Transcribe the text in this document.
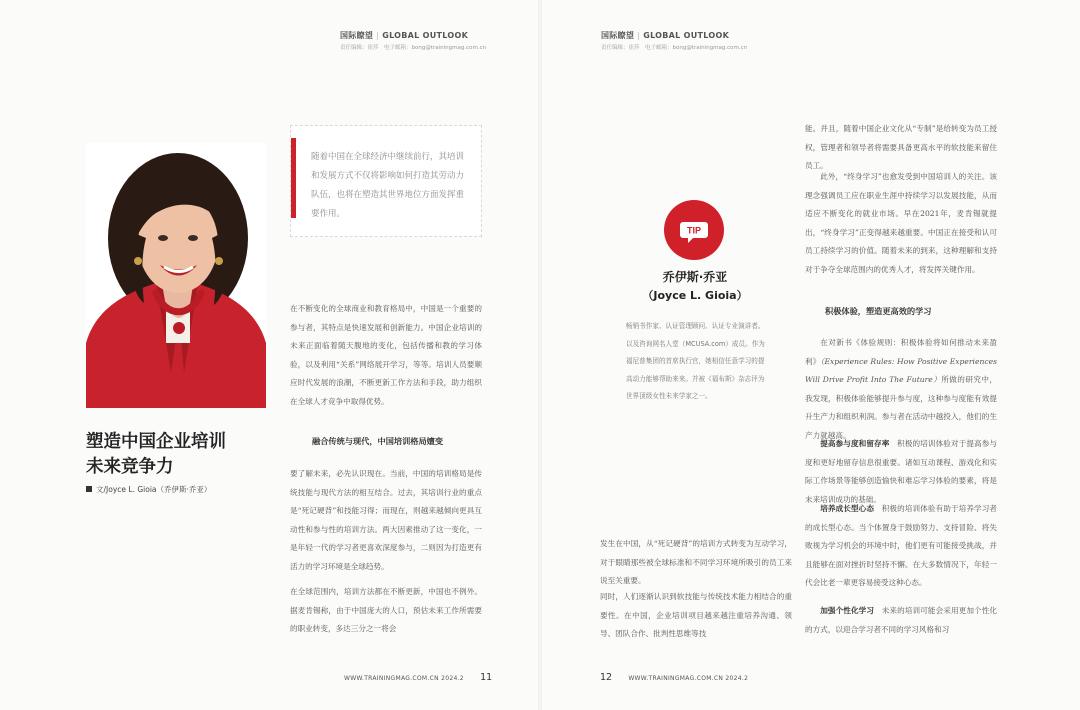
国际瞭望 | GLOBAL OUTLOOK
责任编辑：崔莎　电子邮箱：bong@trainingmag.com.cn
随着中国在全球经济中继续前行，其培训和发展方式不仅将影响如何打造其劳动力队伍，也将在塑造其世界地位方面发挥重要作用。
塑造中国企业培训
未来竞争力
文/Joyce L. Gioia（乔伊斯·乔亚）
在不断变化的全球商业和教育格局中，中国是一个重要的参与者，其特点是快速发展和创新能力。中国企业培训的未来正面临着随天腹地的变化，包括传播和教的学习体验，以及利用“关系”网络展开学习，等等。培训人员要顺应时代发展的浪潮，不断更新工作方法和手段，助力组织在全球人才竞争中取得优势。
融合传统与现代，中国培训格局嬗变
要了解未来，必先认识现在。当前，中国的培训格局是传统技能与现代方法的相互结合。过去，其培训行业的重点是“死记硬背”和技能习得；而现在，则越来越倾向更具互动性和参与性的培训方法。两大因素推动了这一变化，一是年轻一代的学习者更喜欢深度参与，二则因为打造更有活力的学习环境是全球趋势。
在全球范围内，培训方法都在不断更新，中国也不例外。据麦肯锡称，由于中国庞大的人口，预估未来工作所需要的职业转变，多达三分之一将会
WWW.TRAININGMAG.COM.CN 2024.2 11
国际瞭望 | GLOBAL OUTLOOK
责任编辑：崔莎　电子邮箱：bong@trainingmag.com.cn
发生在中国，从“死记硬背”的培训方式转变为互动学习，对于眼睛那些被全球标准和不同学习环境所吸引的员工来说至关重要。
同时，人们逐渐认识到软技能与传统技术能力相结合的重要性。在中国，企业培训项目越来越注重培养沟通、领导、团队合作、批判性思维等技
能。并且，随着中国企业文化从“专制”是给转变为员工授权，管理者和领导者将需要具备更高水平的软技能来留住员工。
此外，“终身学习”也愈发受到中国培训人的关注。该理念强调员工应在职业生涯中持续学习以发展技能，从而适应不断变化的就业市场。早在2021年，麦肯锡就提出，“终身学习”正变得越来越重要。中国正在接受和认可员工持续学习的价值。随着未来的到来，这种理解和支持对于争夺全球范围内的优秀人才，将发挥关键作用。
积极体验，塑造更高效的学习
在对新书《体验规则：积极体验将如何推动未来盈利》（Experience Rules: How Positive Experiences Will Drive Profit Into The Future）所做的研究中，我发现，积极体验能够提升参与度，这种参与度能有效提升生产力和组织利润。参与者在活动中越投入，他们的生产力就越高。
提高参与度和留存率　 积极的培训体验对于提高参与度和更好地留存信息很重要。诸如互动课程、游戏化和实际工作场景等能够创造愉快和难忘学习体验的要素，将是未来培训成功的基础。
培养成长型心态　 积极的培训体验有助于培养学习者的成长型心态。当个体置身于鼓励努力、支持冒险、将失败视为学习机会的环境中时，他们更有可能接受挑战，并且能够在面对挫折时坚持不懈。在大多数情况下，年轻一代会比老一辈更容易接受这种心态。
加强个性化学习　 未来的培训可能会采用更加个性化的方式，以迎合学习者不同的学习风格和习
12	WWW.TRAININGMAG.COM.CN 2024.2
TIP
乔伊斯·乔亚
（Joyce L. Gioia）
畅销书作家、认证管理顾问、认证专业演讲者。以及咨询网名人堂（MCUSA.com）成员。作为福尼普集团的首席执行官，她相信任意学习的提高动力能够帮助来来。并被《福布斯》杂志评为世界顶级女性未来学家之一。
